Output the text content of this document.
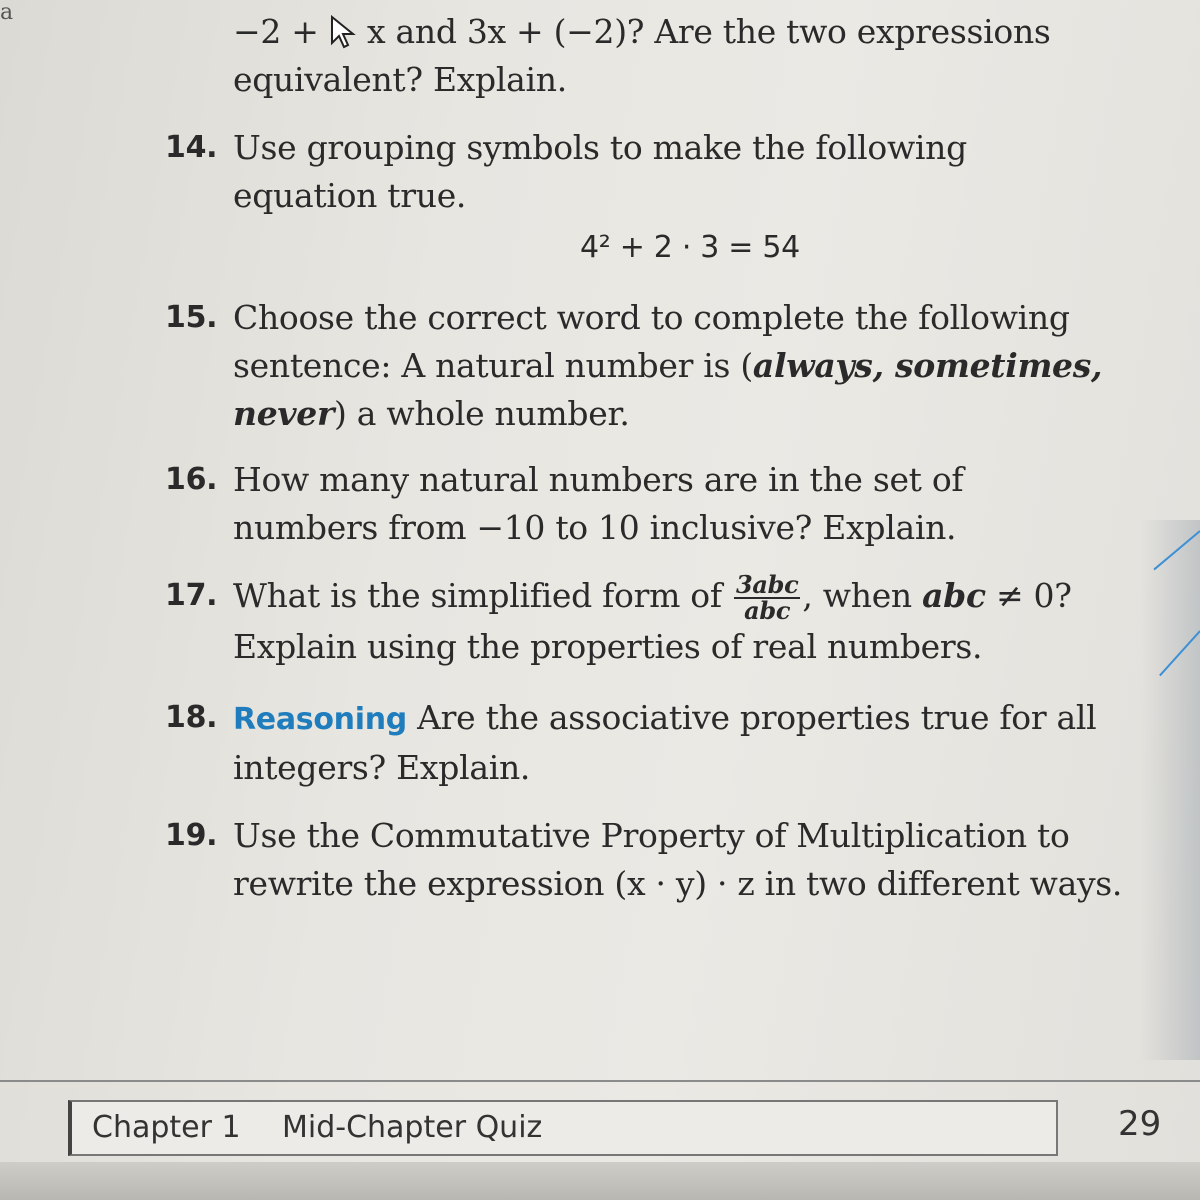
a	−2 + x and 3x + (−2)? Are the two expressions
equivalent? Explain.
14. Use grouping symbols to make the following
equation true.
4² + 2 · 3 = 54
15. Choose the correct word to complete the following
sentence: A natural number is (always, sometimes,
never) a whole number.
16. How many natural numbers are in the set of
numbers from −10 to 10 inclusive? Explain.
17. What is the simplified form of $\frac{\text{3abc}}{\text{abc}}$ , when abc ≠ 0?
Explain using the properties of real numbers.
18. Reasoning Are the associative properties true for all
integers? Explain.
19. Use the Commutative Property of Multiplication to
rewrite the expression (x · y) · z in two different ways.
Chapter 1 Mid-Chapter Quiz	29
